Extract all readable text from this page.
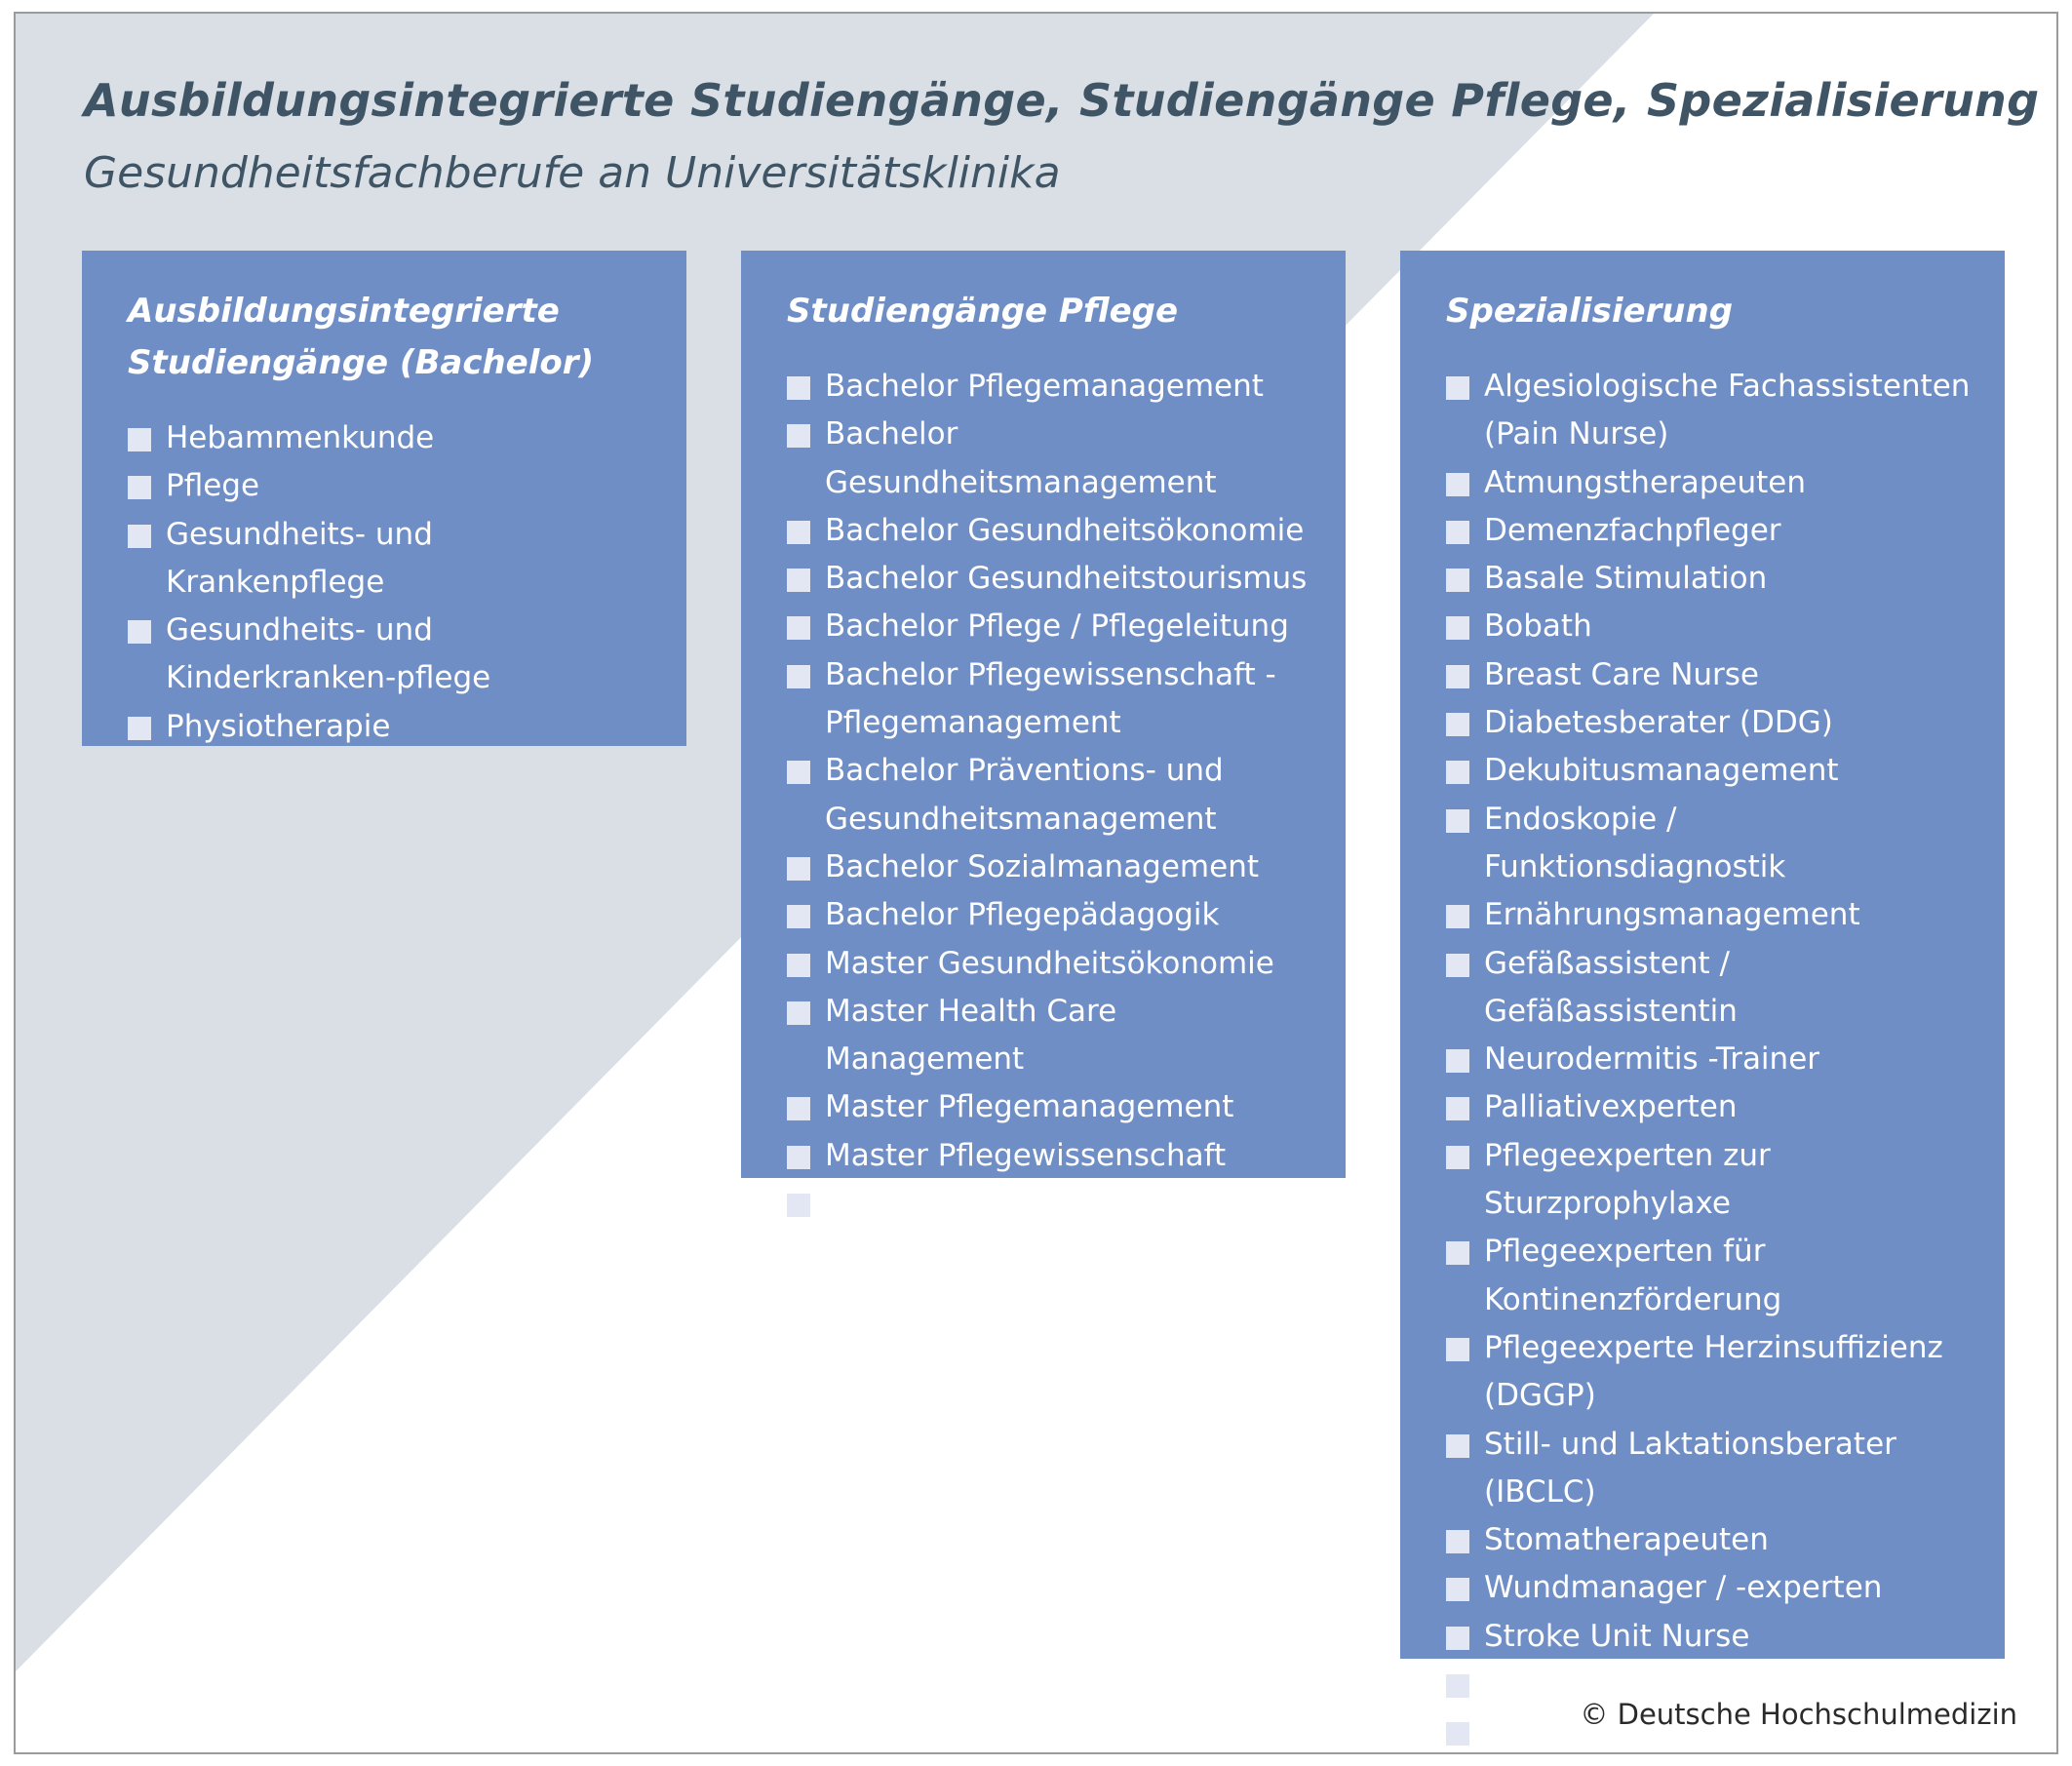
Ausbildungsintegrierte Studiengänge, Studiengänge Pflege, Spezialisierung
Gesundheitsfachberufe an Universitätsklinika
Ausbildungsintegrierte Studiengänge (Bachelor)
Hebammenkunde
Pflege
Gesundheits- und Krankenpflege
Gesundheits- und Kinderkranken-pflege
Physiotherapie
Studiengänge Pflege
Bachelor Pflegemanagement
Bachelor Gesundheitsmanagement
Bachelor Gesundheitsökonomie
Bachelor Gesundheitstourismus
Bachelor Pflege / Pflegeleitung
Bachelor Pflegewissenschaft - Pflegemanagement
Bachelor Präventions- und Gesundheitsmanagement
Bachelor Sozialmanagement
Bachelor Pflegepädagogik
Master Gesundheitsökonomie
Master Health Care Management
Master Pflegemanagement
Master Pflegewissenschaft
Master Pflegepädagogik
Spezialisierung
Algesiologische Fachassistenten (Pain Nurse)
Atmungstherapeuten
Demenzfachpfleger
Basale Stimulation
Bobath
Breast Care Nurse
Diabetesberater (DDG)
Dekubitusmanagement
Endoskopie / Funktionsdiagnostik
Ernährungsmanagement
Gefäßassistent / Gefäßassistentin
Neurodermitis -Trainer
Palliativexperten
Pflegeexperten zur Sturzprophylaxe
Pflegeexperten für Kontinenzförderung
Pflegeexperte Herzinsuffizienz (DGGP)
Still- und Laktationsberater (IBCLC)
Stomatherapeuten
Wundmanager / -experten
Stroke Unit Nurse
MS-Nurse
Parkinson-Nurse

© Deutsche Hochschulmedizin
